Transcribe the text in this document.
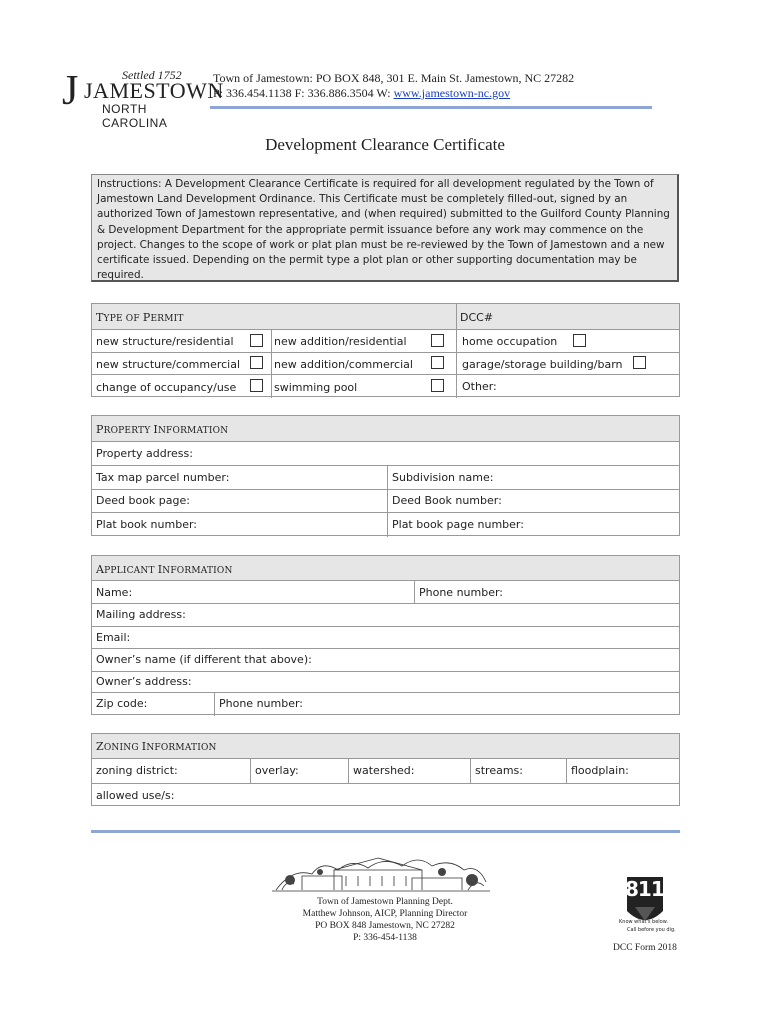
J	Settled 1752
JAMESTOWN
NORTH CAROLINA
Town of Jamestown: PO BOX 848, 301 E. Main St. Jamestown, NC 27282
P: 336.454.1138 F: 336.886.3504 W: www.jamestown-nc.gov
Development Clearance Certificate
Instructions: A Development Clearance Certificate is required for all development regulated by the Town of Jamestown Land Development Ordinance. This Certificate must be completely filled-out, signed by an authorized Town of Jamestown representative, and (when required) submitted to the Guilford County Planning & Development Department for the appropriate permit issuance before any work may commence on the project. Changes to the scope of work or plat plan must be re-reviewed by the Town of Jamestown and a new certificate issued. Depending on the permit type a plot plan or other supporting documentation may be required.
TYPE OF PERMIT	DCC#
new structure/residential	new addition/residential	home occupation
new structure/commercial	new addition/commercial	garage/storage building/barn
change of occupancy/use	swimming pool	Other:
PROPERTY INFORMATION
Property address:
Tax map parcel number:	Subdivision name:
Deed book page:	Deed Book number:
Plat book number:	Plat book page number:
APPLICANT INFORMATION
Name:	Phone number:
Mailing address:
Email:
Owner’s name (if different that above):
Owner’s address:
Zip code:	Phone number:
ZONING INFORMATION
zoning district:	overlay:	watershed:	streams:	floodplain:
allowed use/s:
Town of Jamestown Planning Dept.
Matthew Johnson, AICP, Planning Director
PO BOX 848 Jamestown, NC 27282
P: 336-454-1138
811
Know what's below.
Call before you dig.
DCC Form 2018
